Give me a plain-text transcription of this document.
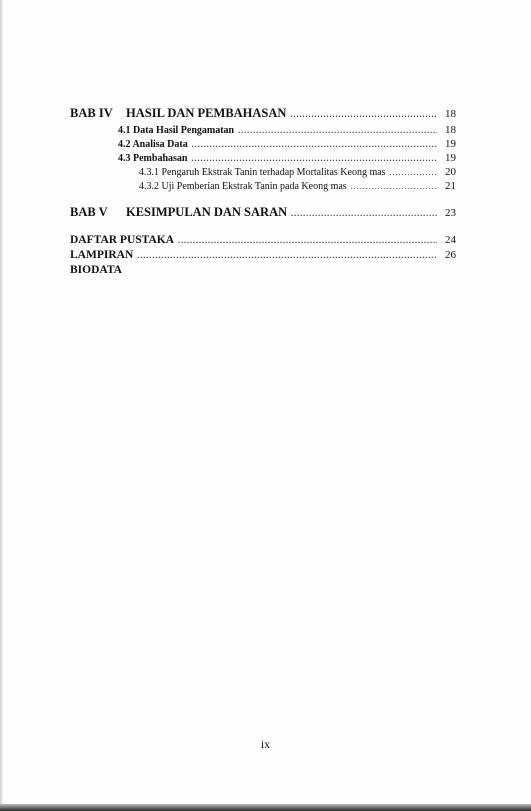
BAB IV HASIL DAN PEMBAHASAN .....	18
4.1 Data Hasil Pengamatan .....	18
4.2 Analisa Data .....	19
4.3 Pembahasan .....	19
4.3.1 Pengaruh Ekstrak Tanin terhadap Mortalitas Keong mas .....	20
4.3.2 Uji Pemberian Ekstrak Tanin pada Keong mas .....	21
BAB V KESIMPULAN DAN SARAN .....	23
DAFTAR PUSTAKA .....	24
LAMPIRAN .....	26
BIODATA
ix
